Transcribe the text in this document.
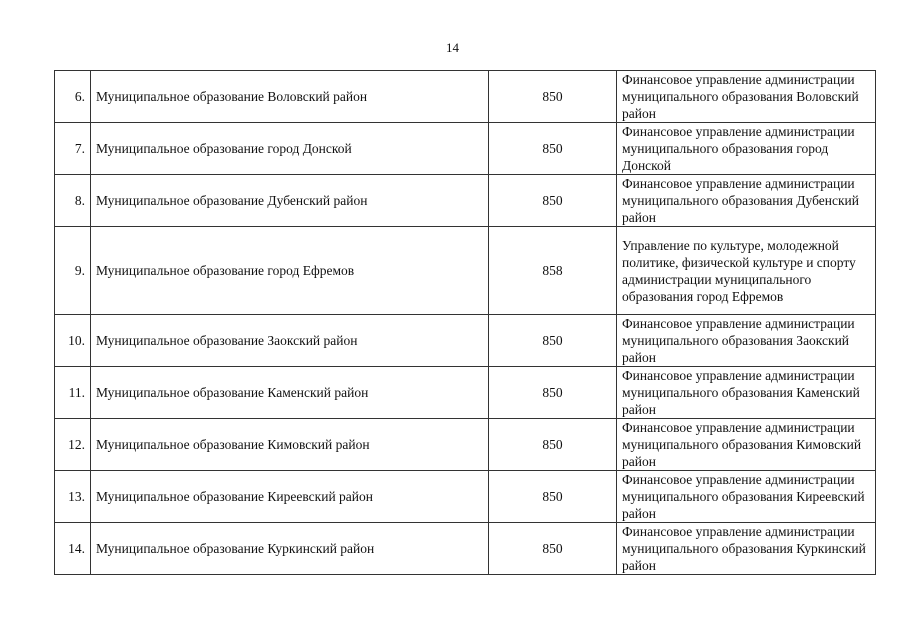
14
6.	Муниципальное образование Воловский район	850	Финансовое управление администрации муниципального образования Воловский район
7.	Муниципальное образование город Донской	850	Финансовое управление администрации муниципального образования город Донской
8.	Муниципальное образование Дубенский район	850	Финансовое управление администрации муниципального образования Дубенский район
9.	Муниципальное образование город Ефремов	858	Управление по культуре, молодежной политике, физической культуре и спорту администрации муниципального образования город Ефремов
10.	Муниципальное образование Заокский район	850	Финансовое управление администрации муниципального образования Заокский район
11.	Муниципальное образование Каменский район	850	Финансовое управление администрации муниципального образования Каменский район
12.	Муниципальное образование Кимовский район	850	Финансовое управление администрации муниципального образования Кимовский район
13.	Муниципальное образование Киреевский район	850	Финансовое управление администрации муниципального образования Киреевский район
14.	Муниципальное образование Куркинский район	850	Финансовое управление администрации муниципального образования Куркинский район
